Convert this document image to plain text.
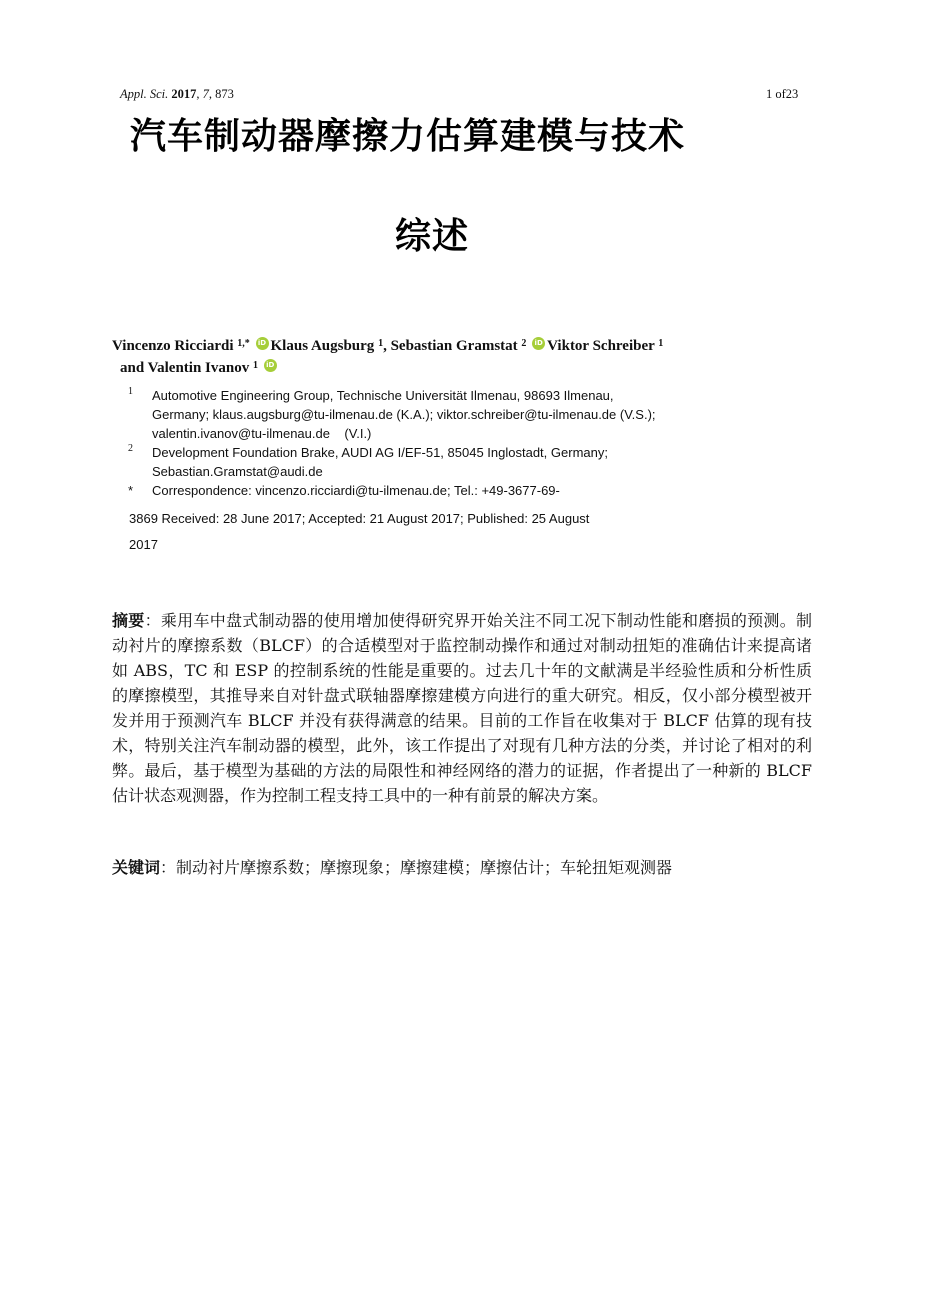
Appl. Sci. 2017, 7, 873	1 of23
汽车制动器摩擦力估算建模与技术
综述
Vincenzo Ricciardi $^{1,*}$ iD Klaus Augsburg $^1$, Sebastian Gramstat $^2$ iD Viktor Schreiber $^1$
and Valentin Ivanov $^1$ iD
1 Automotive Engineering Group, Technische Universität Ilmenau, 98693 Ilmenau,
Germany; klaus.augsburg@tu-ilmenau.de (K.A.); viktor.schreiber@tu-ilmenau.de (V.S.);
valentin.ivanov@tu-ilmenau.de    (V.I.)
2 Development Foundation Brake, AUDI AG I/EF-51, 85045 Inglostadt, Germany;
Sebastian.Gramstat@audi.de
* Correspondence: vincenzo.ricciardi@tu-ilmenau.de; Tel.: +49-3677-69-
3869 Received: 28 June 2017; Accepted: 21 August 2017; Published: 25 August
2017
摘要：乘用车中盘式制动器的使用增加使得研究界开始关注不同工况下制动性能和磨损的预测。制动衬片的摩擦系数（BLCF）的合适模型对于监控制动操作和通过对制动扭矩的准确估计来提高诸如 ABS，TC 和 ESP 的控制系统的性能是重要的。过去几十年的文献满是半经验性质和分析性质的摩擦模型，其推导来自对针盘式联轴器摩擦建模方向进行的重大研究。相反，仅小部分模型被开发并用于预测汽车 BLCF 并没有获得满意的结果。目前的工作旨在收集对于 BLCF 估算的现有技术，特别关注汽车制动器的模型，此外，该工作提出了对现有几种方法的分类，并讨论了相对的利弊。最后，基于模型为基础的方法的局限性和神经网络的潜力的证据，作者提出了一种新的 BLCF 估计状态观测器，作为控制工程支持工具中的一种有前景的解决方案。
关键词：制动衬片摩擦系数；摩擦现象；摩擦建模；摩擦估计；车轮扭矩观测器
